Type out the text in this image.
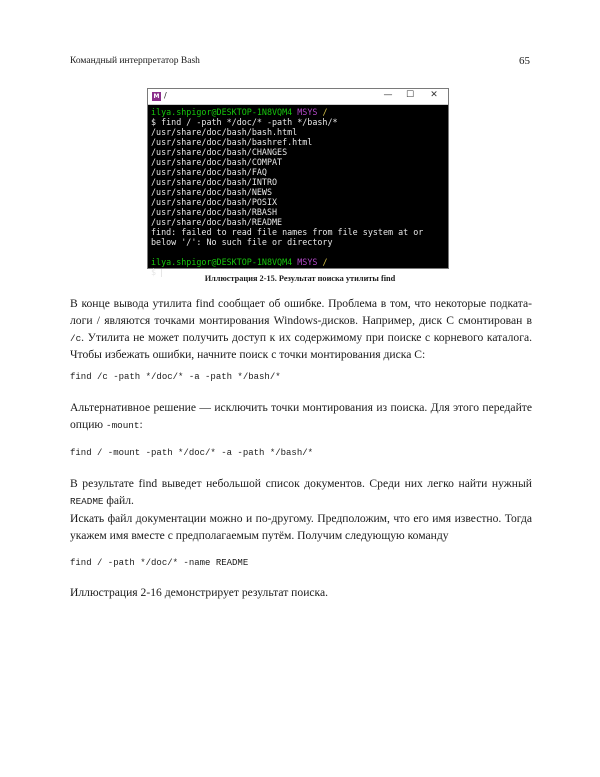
Командный интерпретатор Bash	65
M /	—	☐	✕
ilya.shpigor@DESKTOP-1N8VQM4 MSYS /
$ find / -path */doc/* -path */bash/*
/usr/share/doc/bash/bash.html
/usr/share/doc/bash/bashref.html
/usr/share/doc/bash/CHANGES
/usr/share/doc/bash/COMPAT
/usr/share/doc/bash/FAQ
/usr/share/doc/bash/INTRO
/usr/share/doc/bash/NEWS
/usr/share/doc/bash/POSIX
/usr/share/doc/bash/RBASH
/usr/share/doc/bash/README
find: failed to read file names from file system at or
below '/': No such file or directory
ilya.shpigor@DESKTOP-1N8VQM4 MSYS /
$
Иллюстрация 2-15. Результат поиска утилиты find
В конце вывода утилита find сообщает об ошибке. Проблема в том, что некоторые подката-
логи / являются точками монтирования Windows-дисков. Например, диск C смонтирован в
/c. Утилита не может получить доступ к их содержимому при поиске с корневого каталога.
Чтобы избежать ошибки, начните поиск с точки монтирования диска C:
find /c -path */doc/* -a -path */bash/*
Альтернативное решение — исключить точки монтирования из поиска. Для этого передайте
опцию -mount:
find / -mount -path */doc/* -a -path */bash/*
В результате find выведет небольшой список документов. Среди них легко найти нужный
README файл.
Искать файл документации можно и по-другому. Предположим, что его имя известно. Тогда
укажем имя вместе с предполагаемым путём. Получим следующую команду
find / -path */doc/* -name README
Иллюстрация 2-16 демонстрирует результат поиска.
